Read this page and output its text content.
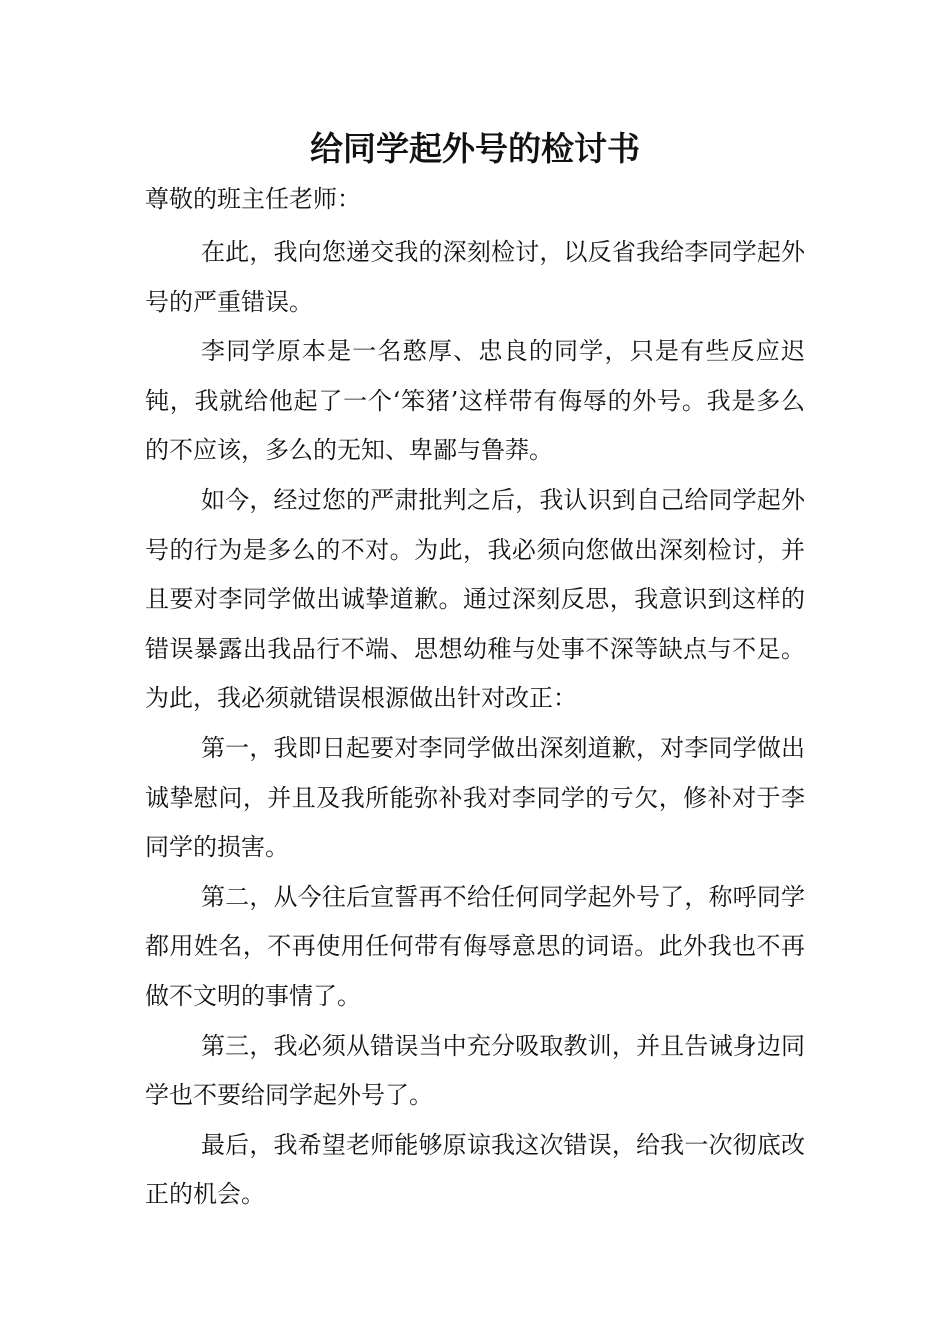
给同学起外号的检讨书

尊敬的班主任老师：

在此，我向您递交我的深刻检讨，以反省我给李同学起外号的严重错误。

李同学原本是一名憨厚、忠良的同学，只是有些反应迟钝，我就给他起了一个‘笨猪’这样带有侮辱的外号。我是多么的不应该，多么的无知、卑鄙与鲁莽。

如今，经过您的严肃批判之后，我认识到自己给同学起外号的行为是多么的不对。为此，我必须向您做出深刻检讨，并且要对李同学做出诚挚道歉。通过深刻反思，我意识到这样的错误暴露出我品行不端、思想幼稚与处事不深等缺点与不足。为此，我必须就错误根源做出针对改正：

第一，我即日起要对李同学做出深刻道歉，对李同学做出诚挚慰问，并且及我所能弥补我对李同学的亏欠，修补对于李同学的损害。

第二，从今往后宣誓再不给任何同学起外号了，称呼同学都用姓名，不再使用任何带有侮辱意思的词语。此外我也不再做不文明的事情了。

第三，我必须从错误当中充分吸取教训，并且告诫身边同学也不要给同学起外号了。

最后，我希望老师能够原谅我这次错误，给我一次彻底改正的机会。
